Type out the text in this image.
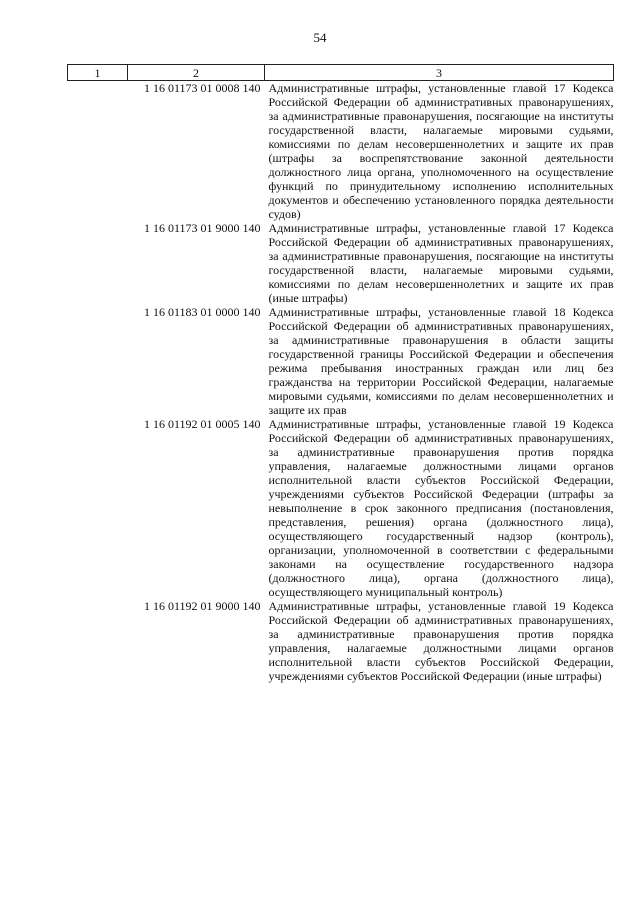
54
1	2	3
	1 16 01173 01 0008 140	Административные штрафы, установленные главой 17 Кодекса Российской Федерации об административных правонарушениях, за административные правонарушения, посягающие на институты государственной власти, налагаемые мировыми судьями, комиссиями по делам несовершеннолетних и защите их прав (штрафы за воспрепятствование законной деятельности должностного лица органа, уполномоченного на осуществление функций по принудительному исполнению исполнительных документов и обеспечению установленного порядка деятельности судов)
	1 16 01173 01 9000 140	Административные штрафы, установленные главой 17 Кодекса Российской Федерации об административных правонарушениях, за административные правонарушения, посягающие на институты государственной власти, налагаемые мировыми судьями, комиссиями по делам несовершеннолетних и защите их прав (иные штрафы)
	1 16 01183 01 0000 140	Административные штрафы, установленные главой 18 Кодекса Российской Федерации об административных правонарушениях, за административные правонарушения в области защиты государственной границы Российской Федерации и обеспечения режима пребывания иностранных граждан или лиц без гражданства на территории Российской Федерации, налагаемые мировыми судьями, комиссиями по делам несовершеннолетних и защите их прав
	1 16 01192 01 0005 140	Административные штрафы, установленные главой 19 Кодекса Российской Федерации об административных правонарушениях, за административные правонарушения против порядка управления, налагаемые должностными лицами органов исполнительной власти субъектов Российской Федерации, учреждениями субъектов Российской Федерации (штрафы за невыполнение в срок законного предписания (постановления, представления, решения) органа (должностного лица), осуществляющего государственный надзор (контроль), организации, уполномоченной в соответствии с федеральными законами на осуществление государственного надзора (должностного лица), органа (должностного лица), осуществляющего муниципальный контроль)
	1 16 01192 01 9000 140	Административные штрафы, установленные главой 19 Кодекса Российской Федерации об административных правонарушениях, за административные правонарушения против порядка управления, налагаемые должностными лицами органов исполнительной власти субъектов Российской Федерации, учреждениями субъектов Российской Федерации (иные штрафы)
